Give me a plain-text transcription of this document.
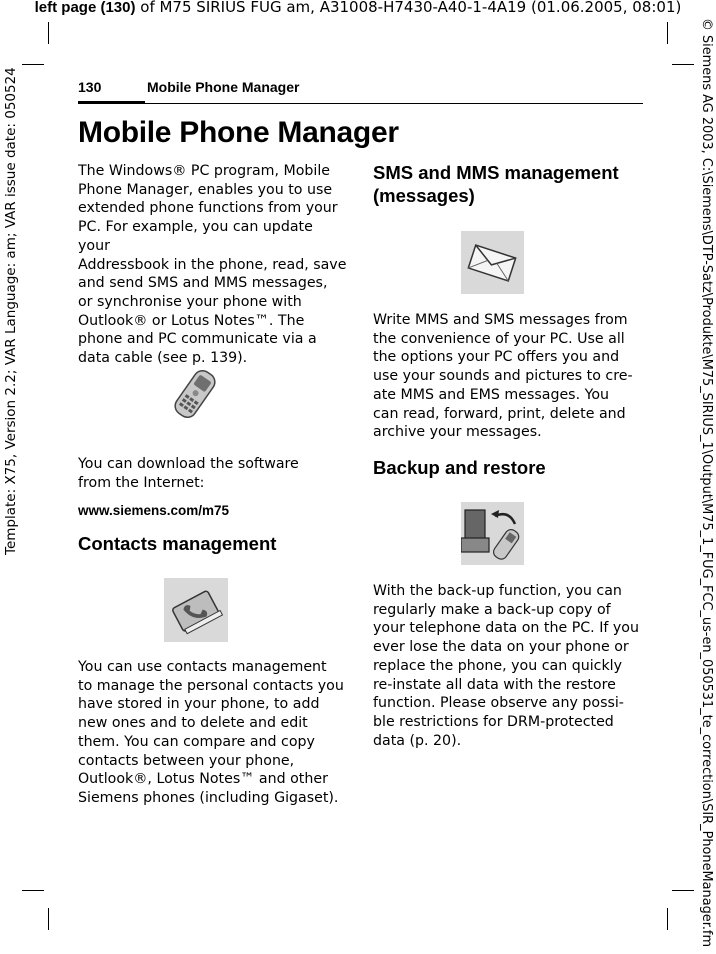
left page (130) of M75 SIRIUS FUG am, A31008-H7430-A40-1-4A19 (01.06.2005, 08:01)
Template: X75, Version 2.2; VAR Language: am; VAR issue date: 050524	© Siemens AG 2003, C:\Siemens\DTP-Satz\Produkte\M75_SIRIUS_1\Output\M75_1_FUG_FCC_us-en_050531_te_correction\SIR_PhoneManager.fm
130	Mobile Phone Manager
Mobile Phone Manager

The Windows® PC program, Mobile

Phone Manager, enables you to use

extended phone functions from your

PC. For example, you can update your

Addressbook in the phone, read, save

and send SMS and MMS messages,

or synchronise your phone with

Outlook® or Lotus Notes™. The

phone and PC communicate via a

data cable (see p. 139).

You can download the software

from the Internet:

www.siemens.com/m75
Contacts management

You can use contacts management

to manage the personal contacts you

have stored in your phone, to add

new ones and to delete and edit

them. You can compare and copy

contacts between your phone,

Outlook®, Lotus Notes™ and other

Siemens phones (including Gigaset).

SMS and MMS management

(messages)

Write MMS and SMS messages from

the convenience of your PC. Use all

the options your PC offers you and

use your sounds and pictures to cre-

ate MMS and EMS messages. You

can read, forward, print, delete and

archive your messages.

Backup and restore

With the back-up function, you can

regularly make a back-up copy of

your telephone data on the PC. If you

ever lose the data on your phone or

replace the phone, you can quickly

re-instate all data with the restore

function. Please observe any possi-

ble restrictions for DRM-protected

data (p. 20).
